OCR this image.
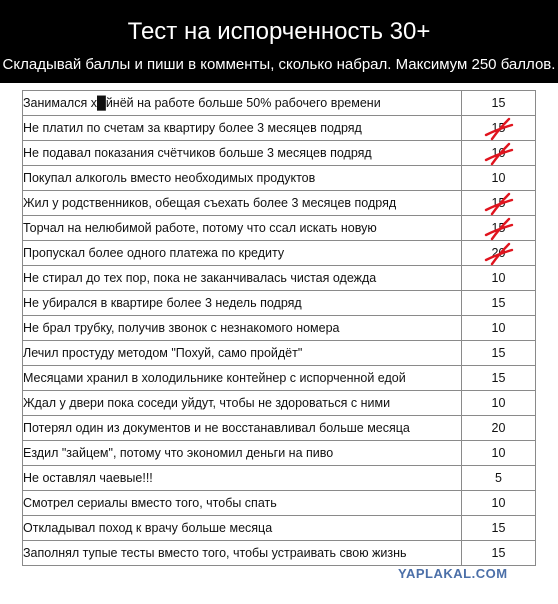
Тест на испорченность 30+
Складывай баллы и пиши в комменты, сколько набрал. Максимум 250 баллов.
Занимался х█йнёй на работе больше 50% рабочего времени	15
Не платил по счетам за квартиру более 3 месяцев подряд	15

Не подавал показания счётчиков больше 3 месяцев подряд	10

Покупал алкоголь вместо необходимых продуктов	10
Жил у родственников, обещая съехать более 3 месяцев подряд	15

Торчал на нелюбимой работе, потому что ссал искать новую	15

Пропускал более одного платежа по кредиту	20

Не стирал до тех пор, пока не заканчивалась чистая одежда	10
Не убирался в квартире более 3 недель подряд	15
Не брал трубку, получив звонок с незнакомого номера	10
Лечил простуду методом "Похуй, само пройдёт"	15
Месяцами хранил в холодильнике контейнер с испорченной едой	15
Ждал у двери пока соседи уйдут, чтобы не здороваться с ними	10
Потерял один из документов и не восстанавливал больше месяца	20
Ездил "зайцем", потому что экономил деньги на пиво	10
Не оставлял чаевые!!!	5
Смотрел сериалы вместо того, чтобы спать	10
Откладывал поход к врачу больше месяца	15
Заполнял тупые тесты вместо того, чтобы устраивать свою жизнь	15
YAPLAKAL.COM
